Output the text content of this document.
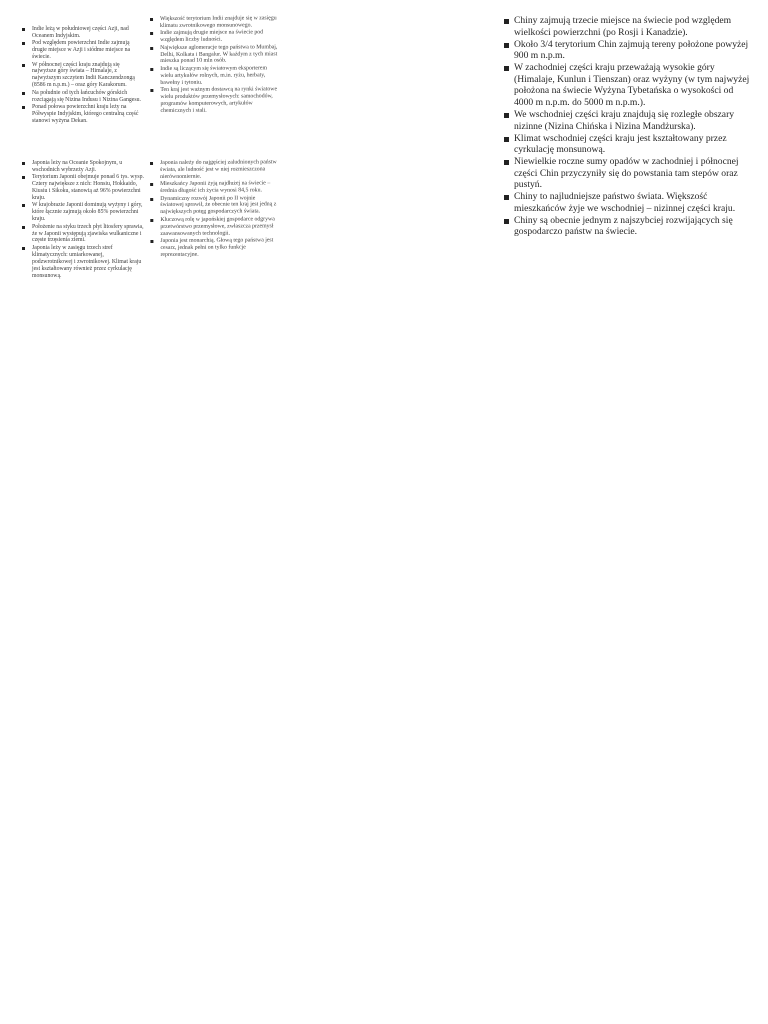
Indie leżą w południowej części Azji, nad Oceanem Indyjskim.
Pod względem powierzchni Indie zajmują drugie miejsce w Azji i siódme miejsce na świecie.
W północnej części kraju znajdują się najwyższe góry świata – Himalaje, z najwyższym szczytem Indii Kanczendzongą (8586 m n.p.m.) – oraz góry Karakorum.
Na południe od tych łańcuchów górskich rozciągają się Nizina Indusu i Nizina Gangesu.
Ponad połowa powierzchni kraju leży na Półwyspie Indyjskim, którego centralną część stanowi wyżyna Dekan.
Większość terytorium Indii znajduje się w zasięgu klimatu zwrotnikowego monsunowego.
Indie zajmują drugie miejsce na świecie pod względem liczby ludności.
Największe aglomeracje tego państwa to Mumbaj, Delhi, Kolkata i Bangalur. W każdym z tych miast mieszka ponad 10 mln osób.
Indie są liczącym się światowym eksporterem wielu artykułów rolnych, m.in. ryżu, herbaty, bawełny i tytoniu.
Ten kraj jest ważnym dostawcą na rynki światowe wielu produktów przemysłowych: samochodów, programów komputerowych, artykułów chemicznych i stali.
Japonia leży na Oceanie Spokojnym, u wschodnich wybrzeży Azji.
Terytorium Japonii obejmuje ponad 6 tys. wysp. Cztery największe z nich: Honsiu, Hokkaido, Kiusiu i Sikoku, stanowią aż 96% powierzchni kraju.
W krajobrazie Japonii dominują wyżyny i góry, które łącznie zajmują około 85% powierzchni kraju.
Położenie na styku trzech płyt litosfery sprawia, że w Japonii występują zjawiska wulkaniczne i częste trzęsienia ziemi.
Japonia leży w zasięgu trzech stref klimatycznych: umiarkowanej, podzwrotnikowej i zwrotnikowej. Klimat kraju jest kształtowany również przez cyrkulację monsunową.
Japonia należy do najgęściej zaludnionych państw świata, ale ludność jest w niej rozmieszczona nierównomiernie.
Mieszkańcy Japonii żyją najdłużej na świecie – średnia długość ich życia wynosi 84,5 roku.
Dynamiczny rozwój Japonii po II wojnie światowej sprawił, że obecnie ten kraj jest jedną z największych potęg gospodarczych świata.
Kluczową rolę w japońskiej gospodarce odgrywa przetwórstwo przemysłowe, zwłaszcza przemysł zaawansowanych technologii.
Japonia jest monarchią. Głową tego państwa jest cesarz, jednak pełni on tylko funkcje reprezentacyjne.
Chiny zajmują trzecie miejsce na świecie pod względem wielkości powierzchni (po Rosji i Kanadzie).
Około 3/4 terytorium Chin zajmują tereny położone powyżej 900 m n.p.m.
W zachodniej części kraju przeważają wysokie góry (Himalaje, Kunlun i Tienszan) oraz wyżyny (w tym najwyżej położona na świecie Wyżyna Tybetańska o wysokości od 4000 m n.p.m. do 5000 m n.p.m.).
We wschodniej części kraju znajdują się rozległe obszary nizinne (Nizina Chińska i Nizina Mandżurska).
Klimat wschodniej części kraju jest kształtowany przez cyrkulację monsunową.
Niewielkie roczne sumy opadów w zachodniej i północnej części Chin przyczyniły się do powstania tam stepów oraz pustyń.
Chiny to najludniejsze państwo świata. Większość mieszkańców żyje we wschodniej – nizinnej części kraju.
Chiny są obecnie jednym z najszybciej rozwijających się gospodarczo państw na świecie.
